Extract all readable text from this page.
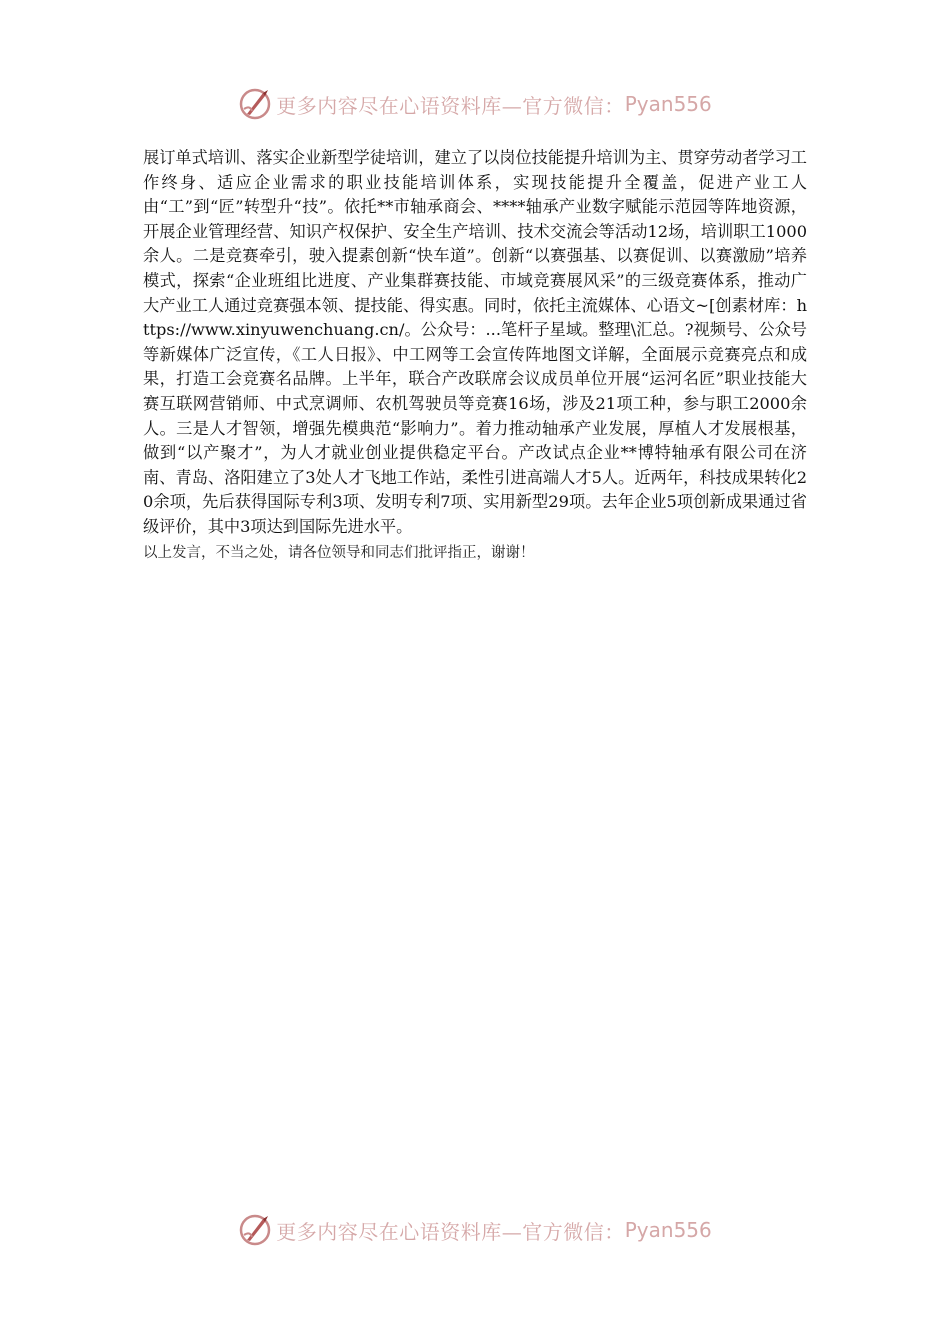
更多内容尽在心语资料库—官方微信： Pyan556

展订单式培训、落实企业新型学徒培训，建立了以岗位技能提升培训为主、贯穿劳动者学习工作终身、适应企业需求的职业技能培训体系，实现技能提升全覆盖，促进产业工人由“工”到“匠”转型升“技”。依托**市轴承商会、****轴承产业数字赋能示范园等阵地资源，开展企业管理经营、知识产权保护、安全生产培训、技术交流会等活动12场，培训职工1000余人。二是竞赛牵引，驶入提素创新“快车道”。创新“以赛强基、以赛促训、以赛激励”培养模式，探索“企业班组比进度、产业集群赛技能、市域竞赛展风采”的三级竞赛体系，推动广大产业工人通过竞赛强本领、提技能、得实惠。同时，依托主流媒体、心语文~[创素材库：https://www.xinyuwenchuang.cn/。公众号：...笔杆子星域。整理\汇总。?视频号、公众号等新媒体广泛宣传，《工人日报》、中工网等工会宣传阵地图文详解，全面展示竞赛亮点和成果，打造工会竞赛名品牌。上半年，联合产改联席会议成员单位开展“运河名匠”职业技能大赛互联网营销师、中式烹调师、农机驾驶员等竞赛16场，涉及21项工种，参与职工2000余人。三是人才智领，增强先模典范“影响力”。着力推动轴承产业发展，厚植人才发展根基，做到“以产聚才”，为人才就业创业提供稳定平台。产改试点企业**博特轴承有限公司在济南、青岛、洛阳建立了3处人才飞地工作站，柔性引进高端人才5人。近两年，科技成果转化20余项，先后获得国际专利3项、发明专利7项、实用新型29项。去年企业5项创新成果通过省级评价，其中3项达到国际先进水平。

以上发言，不当之处，请各位领导和同志们批评指正，谢谢！

更多内容尽在心语资料库—官方微信： Pyan556
